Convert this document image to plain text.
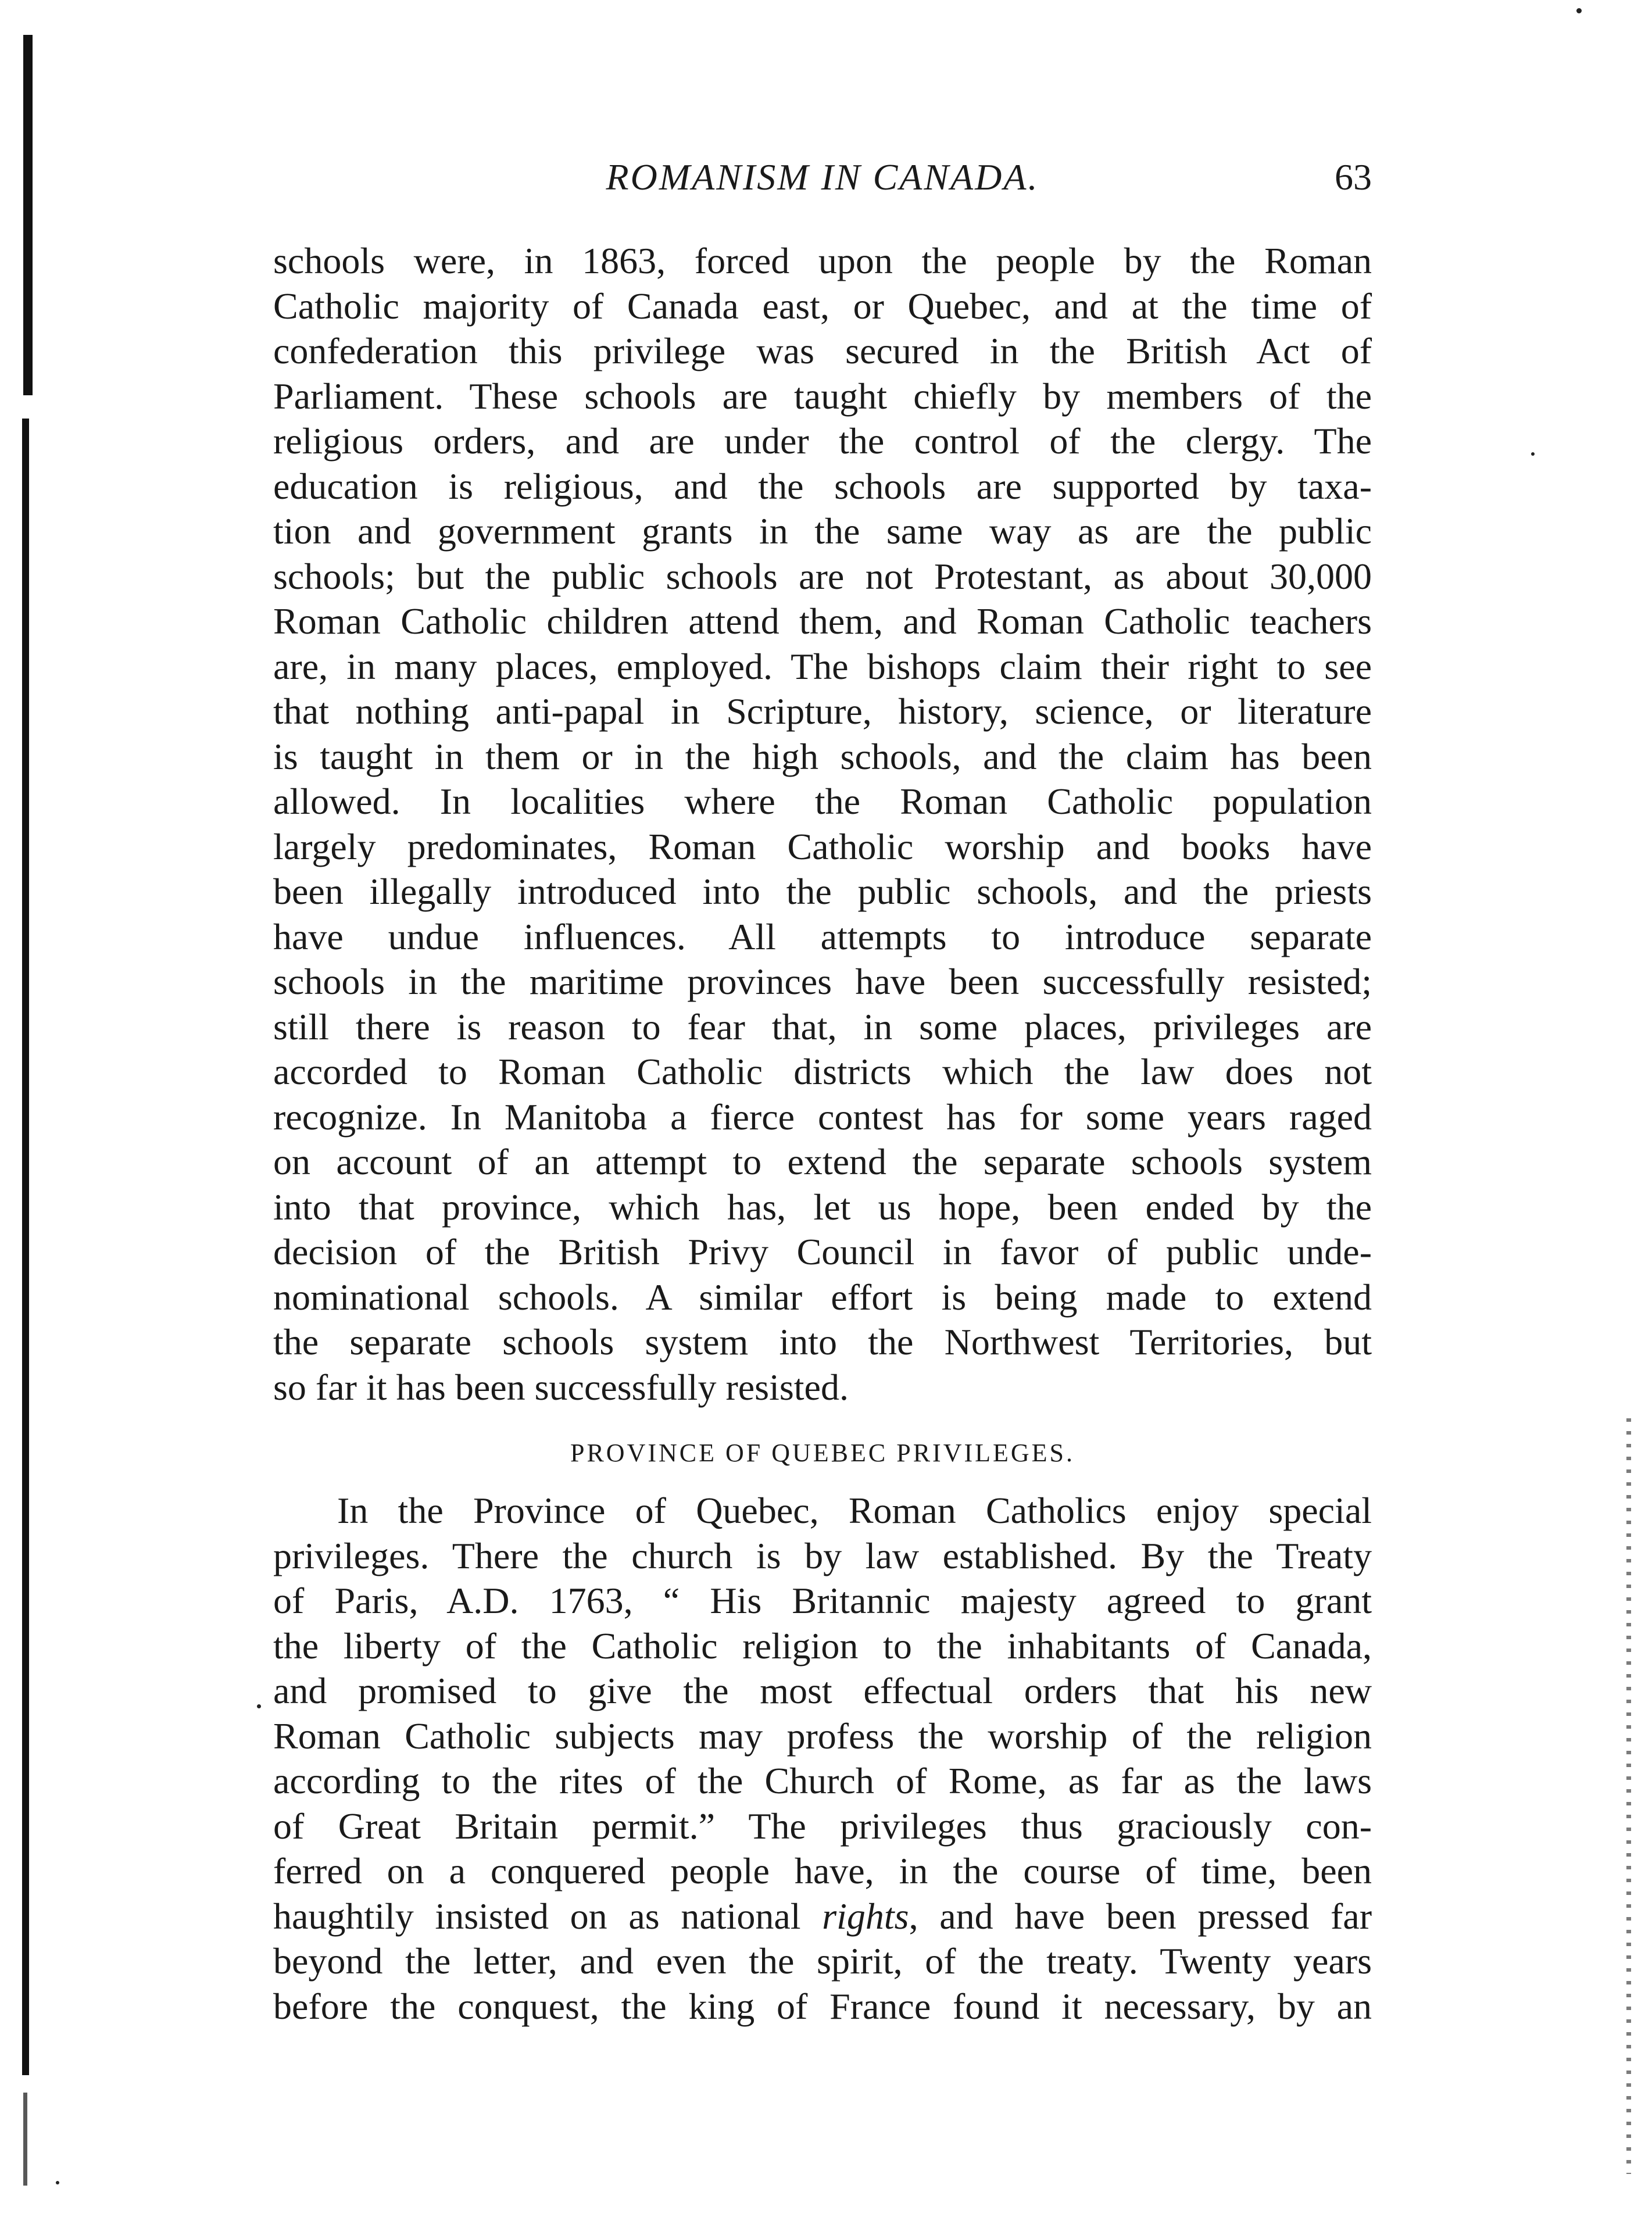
ROMANISM IN CANADA.	63
schools were, in 1863, forced upon the people by the Roman
Catholic majority of Canada east, or Quebec, and at the time of
confederation this privilege was secured in the British Act of
Parliament. These schools are taught chiefly by members of the
religious orders, and are under the control of the clergy. The
education is religious, and the schools are supported by taxa-
tion and government grants in the same way as are the public
schools; but the public schools are not Protestant, as about 30,000
Roman Catholic children attend them, and Roman Catholic teachers
are, in many places, employed. The bishops claim their right to see
that nothing anti-papal in Scripture, history, science, or literature
is taught in them or in the high schools, and the claim has been
allowed. In localities where the Roman Catholic population
largely predominates, Roman Catholic worship and books have
been illegally introduced into the public schools, and the priests
have undue influences. All attempts to introduce separate
schools in the maritime provinces have been successfully resisted;
still there is reason to fear that, in some places, privileges are
accorded to Roman Catholic districts which the law does not
recognize. In Manitoba a fierce contest has for some years raged
on account of an attempt to extend the separate schools system
into that province, which has, let us hope, been ended by the
decision of the British Privy Council in favor of public unde-
nominational schools. A similar effort is being made to extend
the separate schools system into the Northwest Territories, but
so far it has been successfully resisted.
PROVINCE OF QUEBEC PRIVILEGES.
In the Province of Quebec, Roman Catholics enjoy special
privileges. There the church is by law established. By the Treaty
of Paris, A.D. 1763, “ His Britannic majesty agreed to grant
the liberty of the Catholic religion to the inhabitants of Canada,
and promised to give the most effectual orders that his new
Roman Catholic subjects may profess the worship of the religion
according to the rites of the Church of Rome, as far as the laws
of Great Britain permit.” The privileges thus graciously con-
ferred on a conquered people have, in the course of time, been
haughtily insisted on as national rights, and have been pressed far
beyond the letter, and even the spirit, of the treaty. Twenty years
before the conquest, the king of France found it necessary, by an
